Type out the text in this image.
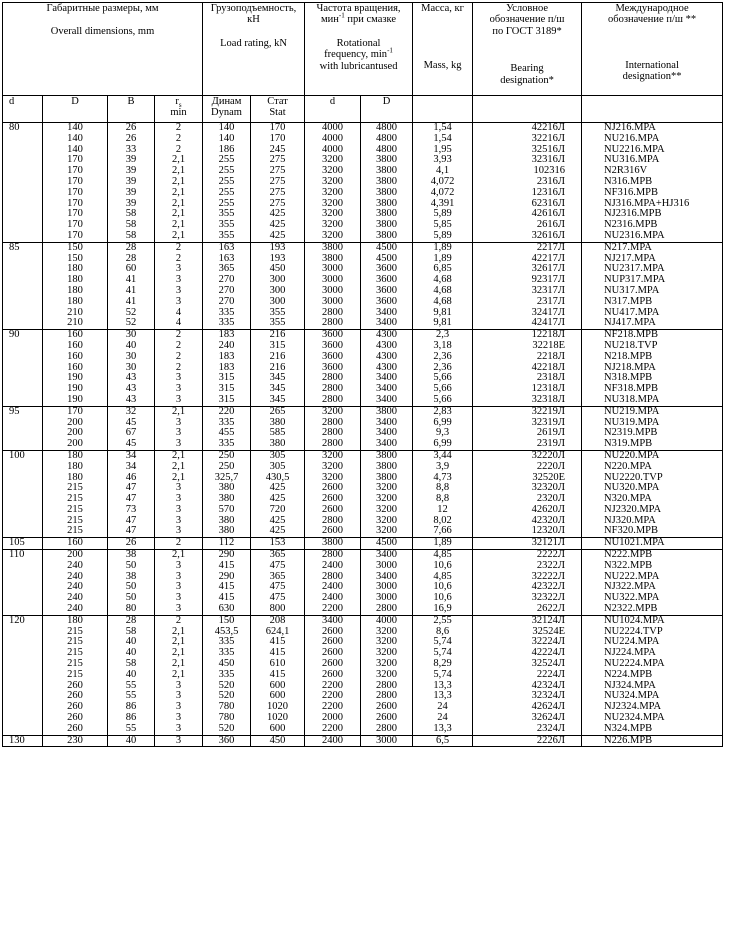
Габаритные размеры, мм
Overall dimensions, mm				Грузоподъемность,
кН
Load rating, kN		Частота вращения,
мин$^{-1}$ при смазке
Rotational
frequency, $\min^{-1}$
with lubricantused		Масса, кг
Mass, kg	Условное
обозначение п/ш
по ГОСТ 3189*
Bearing
designation*	Международное
обозначение п/ш **
International
designation**

d	D	B	$r_s$
min	Динам
Dynam	Стат
Stat	d	D			
80	140	26	2	140	170	4000	4800	1,54	42216Л	NJ216.MPA
	140	26	2	140	170	4000	4800	1,54	32216Л	NU216.MPA
	140	33	2	186	245	4000	4800	1,95	32516Л	NU2216.MPA
	170	39	2,1	255	275	3200	3800	3,93	32316Л	NU316.MPA
	170	39	2,1	255	275	3200	3800	4,1	102316	N2R316V
	170	39	2,1	255	275	3200	3800	4,072	2316Л	N316.MPB
	170	39	2,1	255	275	3200	3800	4,072	12316Л	NF316.MPB
	170	39	2,1	255	275	3200	3800	4,391	62316Л	NJ316.MPA+HJ316
	170	58	2,1	355	425	3200	3800	5,89	42616Л	NJ2316.MPB
	170	58	2,1	355	425	3200	3800	5,85	2616Л	N2316.MPB
	170	58	2,1	355	425	3200	3800	5,89	32616Л	NU2316.MPA
85	150	28	2	163	193	3800	4500	1,89	2217Л	N217.MPA
	150	28	2	163	193	3800	4500	1,89	42217Л	NJ217.MPA
	180	60	3	365	450	3000	3600	6,85	32617Л	NU2317.MPA
	180	41	3	270	300	3000	3600	4,68	92317Л	NUP317.MPA
	180	41	3	270	300	3000	3600	4,68	32317Л	NU317.MPA
	180	41	3	270	300	3000	3600	4,68	2317Л	N317.MPB
	210	52	4	335	355	2800	3400	9,81	32417Л	NU417.MPA
	210	52	4	335	355	2800	3400	9,81	42417Л	NJ417.MPA
90	160	30	2	183	216	3600	4300	2,3	12218Л	NF218.MPB
	160	40	2	240	315	3600	4300	3,18	32218Е	NU218.TVP
	160	30	2	183	216	3600	4300	2,36	2218Л	N218.MPB
	160	30	2	183	216	3600	4300	2,36	42218Л	NJ218.MPA
	190	43	3	315	345	2800	3400	5,66	2318Л	N318.MPB
	190	43	3	315	345	2800	3400	5,66	12318Л	NF318.MPB
	190	43	3	315	345	2800	3400	5,66	32318Л	NU318.MPA
95	170	32	2,1	220	265	3200	3800	2,83	32219Л	NU219.MPA
	200	45	3	335	380	2800	3400	6,99	32319Л	NU319.MPA
	200	67	3	455	585	2800	3400	9,3	2619Л	N2319.MPB
	200	45	3	335	380	2800	3400	6,99	2319Л	N319.MPB
100	180	34	2,1	250	305	3200	3800	3,44	32220Л	NU220.MPA
	180	34	2,1	250	305	3200	3800	3,9	2220Л	N220.MPA
	180	46	2,1	325,7	430,5	3200	3800	4,73	32520Е	NU2220.TVP
	215	47	3	380	425	2600	3200	8,8	32320Л	NU320.MPA
	215	47	3	380	425	2600	3200	8,8	2320Л	N320.MPA
	215	73	3	570	720	2600	3200	12	42620Л	NJ2320.MPA
	215	47	3	380	425	2800	3200	8,02	42320Л	NJ320.MPA
	215	47	3	380	425	2600	3200	7,66	12320Л	NF320.MPB
105	160	26	2	112	153	3800	4500	1,89	32121Л	NU1021.MPA
110	200	38	2,1	290	365	2800	3400	4,85	2222Л	N222.MPB
	240	50	3	415	475	2400	3000	10,6	2322Л	N322.MPB
	240	38	3	290	365	2800	3400	4,85	32222Л	NU222.MPA
	240	50	3	415	475	2400	3000	10,6	42322Л	NJ322.MPA
	240	50	3	415	475	2400	3000	10,6	32322Л	NU322.MPA
	240	80	3	630	800	2200	2800	16,9	2622Л	N2322.MPB
120	180	28	2	150	208	3400	4000	2,55	32124Л	NU1024.MPA
	215	58	2,1	453,5	624,1	2600	3200	8,6	32524Е	NU2224.TVP
	215	40	2,1	335	415	2600	3200	5,74	32224Л	NU224.MPA
	215	40	2,1	335	415	2600	3200	5,74	42224Л	NJ224.MPA
	215	58	2,1	450	610	2600	3200	8,29	32524Л	NU2224.MPA
	215	40	2,1	335	415	2600	3200	5,74	2224Л	N224.MPB
	260	55	3	520	600	2200	2800	13,3	42324Л	NJ324.MPA
	260	55	3	520	600	2200	2800	13,3	32324Л	NU324.MPA
	260	86	3	780	1020	2200	2600	24	42624Л	NJ2324.MPA
	260	86	3	780	1020	2000	2600	24	32624Л	NU2324.MPA
	260	55	3	520	600	2200	2800	13,3	2324Л	N324.MPB
130	230	40	3	360	450	2400	3000	6,5	2226Л	N226.MPB
